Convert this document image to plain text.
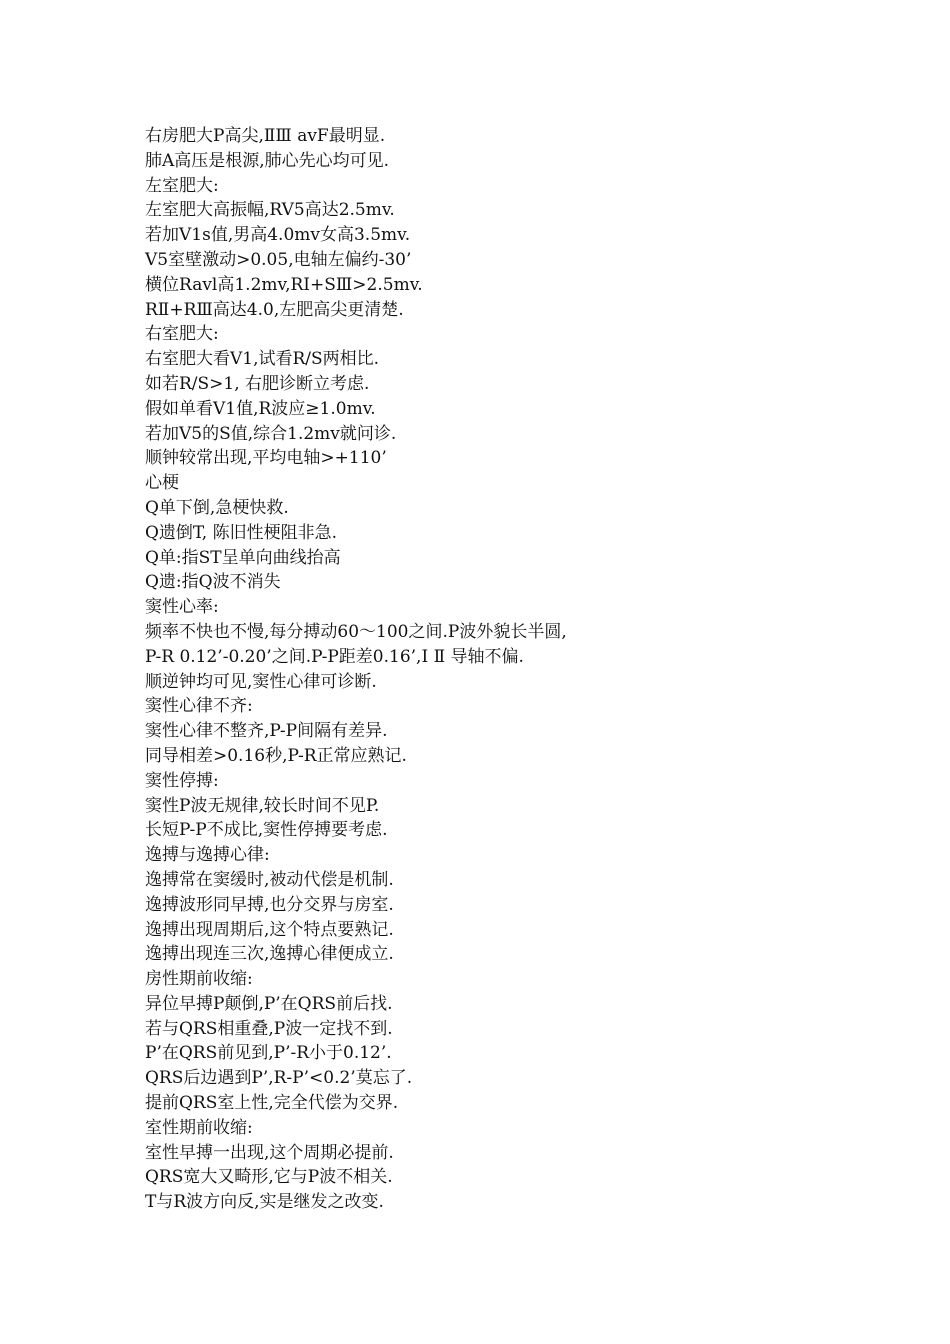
右房肥大P高尖,ⅡⅢ avF最明显.
肺A高压是根源,肺心先心均可见.
左室肥大:
左室肥大高振幅,RV5高达2.5mv.
若加V1s值,男高4.0mv女高3.5mv.
V5室壁激动>0.05,电轴左偏约-30’
横位Ravl高1.2mv,RⅠ+SⅢ>2.5mv.
RⅡ+RⅢ高达4.0,左肥高尖更清楚.
右室肥大:
右室肥大看V1,试看R/S两相比.
如若R/S>1, 右肥诊断立考虑.
假如单看V1值,R波应≥1.0mv.
若加V5的S值,综合1.2mv就问诊.
顺钟较常出现,平均电轴>+110’
心梗
Q单下倒,急梗快救.
Q遗倒T, 陈旧性梗阻非急.
Q单:指ST呈单向曲线抬高
Q遗:指Q波不消失
窦性心率:
频率不快也不慢,每分搏动60～100之间.P波外貌长半圆,
P-R 0.12’-0.20’之间.P-P距差0.16’,Ⅰ Ⅱ 导轴不偏.
顺逆钟均可见,窦性心律可诊断.
窦性心律不齐:
窦性心律不整齐,P-P间隔有差异.
同导相差>0.16秒,P-R正常应熟记.
窦性停搏:
窦性P波无规律,较长时间不见P.
长短P-P不成比,窦性停搏要考虑.
逸搏与逸搏心律:
逸搏常在窦缓时,被动代偿是机制.
逸搏波形同早搏,也分交界与房室.
逸搏出现周期后,这个特点要熟记.
逸搏出现连三次,逸搏心律便成立.
房性期前收缩:
异位早搏P颠倒,P’在QRS前后找.
若与QRS相重叠,P波一定找不到.
P’在QRS前见到,P’-R小于0.12’.
QRS后边遇到P’,R-P’<0.2’莫忘了.
提前QRS室上性,完全代偿为交界.
室性期前收缩:
室性早搏一出现,这个周期必提前.
QRS宽大又畸形,它与P波不相关.
T与R波方向反,实是继发之改变.
